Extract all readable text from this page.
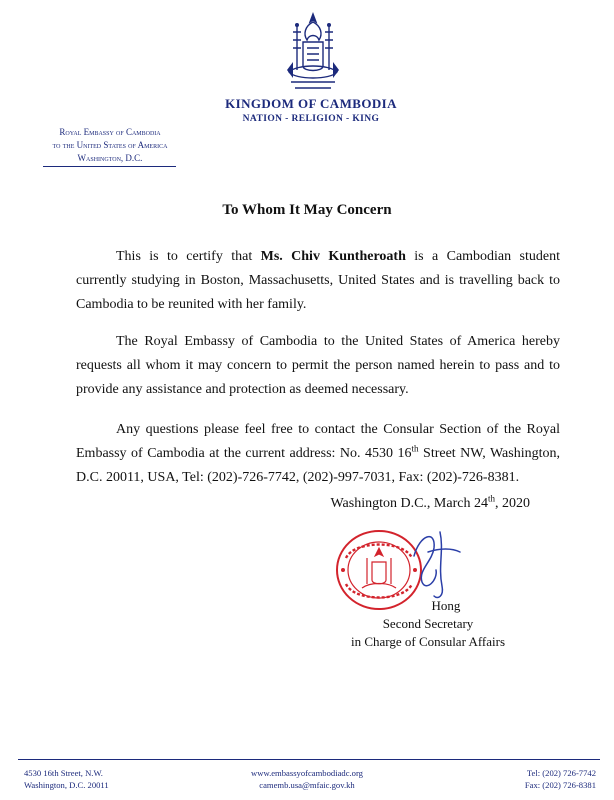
KINGDOM OF CAMBODIA
NATION - RELIGION - KING
Royal Embassy of Cambodia
to the United States of America
Washington, D.C.
To Whom It May Concern
This is to certify that Ms. Chiv Kuntheroath is a Cambodian student currently studying in Boston, Massachusetts, United States and is travelling back to Cambodia to be reunited with her family.
The Royal Embassy of Cambodia to the United States of America hereby requests all whom it may concern to permit the person named herein to pass and to provide any assistance and protection as deemed necessary.
Any questions please feel free to contact the Consular Section of the Royal Embassy of Cambodia at the current address: No. 4530 16th Street NW, Washington, D.C. 20011, USA, Tel: (202)-726-7742, (202)-997-7031, Fax: (202)-726-8381.
Washington D.C., March 24th, 2020
Hong
Second Secretary
in Charge of Consular Affairs
4530 16th Street, N.W.
Washington, D.C. 20011
www.embassyofcambodiadc.org
camemb.usa@mfaic.gov.kh
Tel: (202) 726-7742
Fax: (202) 726-8381
